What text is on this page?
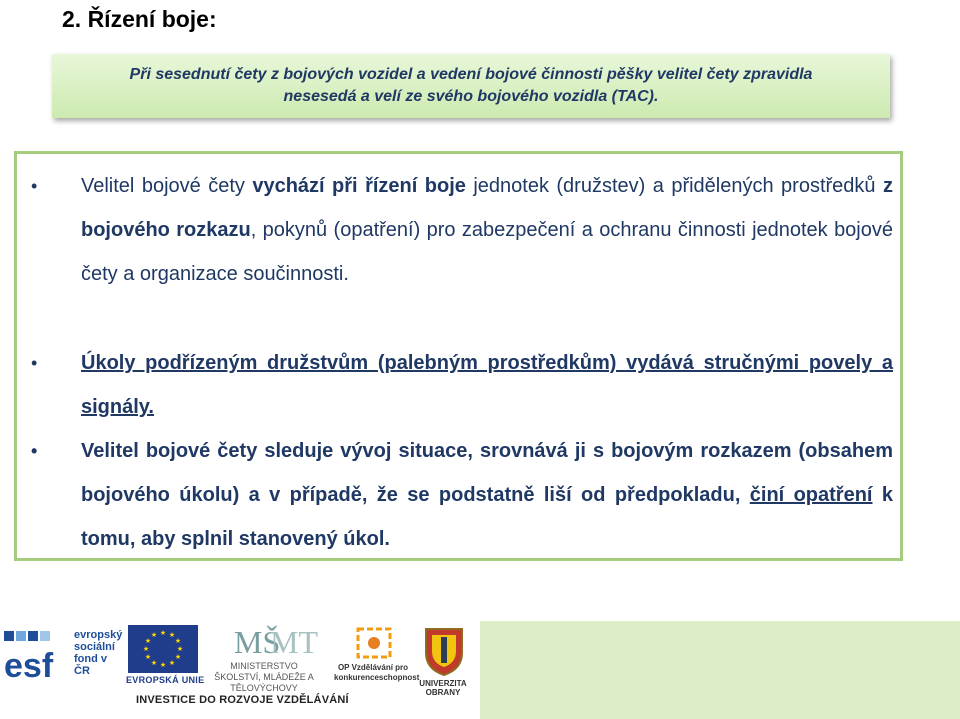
2. Řízení boje:

Při sesednutí čety z bojových vozidel a vedení bojové činnosti pěšky velitel čety zpravidla
nesesedá a velí ze svého bojového vozidla (TAC).

• Velitel bojové čety vychází při řízení boje jednotek (družstev) a přidělených prostředků z bojového rozkazu, pokynů (opatření) pro zabezpečení a ochranu činnosti jednotek bojové čety a organizace součinnosti.
• Úkoly podřízeným družstvům (palebným prostředkům) vydává stručnými povely a signály.
• Velitel bojové čety sleduje vývoj situace, srovnává ji s bojovým rozkazem (obsahem bojového úkolu) a v případě, že se podstatně liší od předpokladu, činí opatření k tomu, aby splnil stanovený úkol.
esf
evropský sociální fond v ČR
★ ★
★
★
★
★
★
★
★
★
★
★
EVROPSKÁ UNIE
MŠ
MT
MINISTERSTVO ŠKOLSTVÍ, MLÁDEŽE A TĚLOVÝCHOVY
OP Vzdělávání pro konkurenceschopnost
UNIVERZITA OBRANY
INVESTICE DO ROZVOJE VZDĚLÁVÁNÍ
